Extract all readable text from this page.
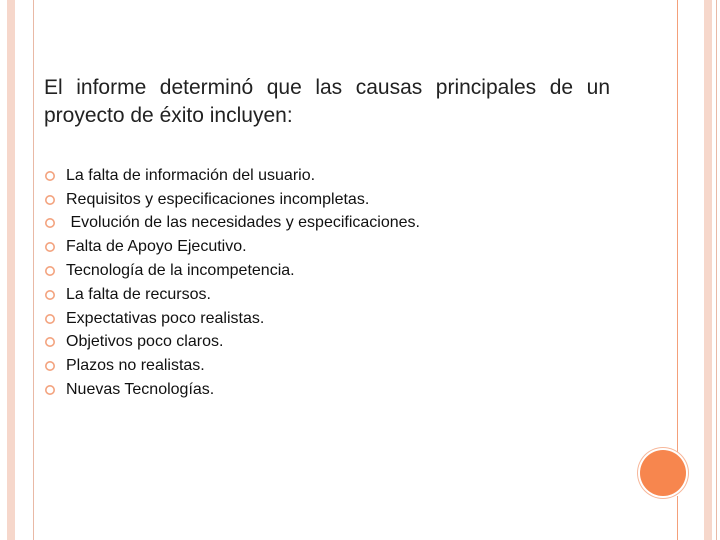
El informe determinó que las causas principales de un proyecto de éxito incluyen:

La falta de información del usuario.
Requisitos y especificaciones incompletas.
Evolución de las necesidades y especificaciones.
Falta de Apoyo Ejecutivo.
Tecnología de la incompetencia.
La falta de recursos.
Expectativas poco realistas.
Objetivos poco claros.
Plazos no realistas.
Nuevas Tecnologías.
